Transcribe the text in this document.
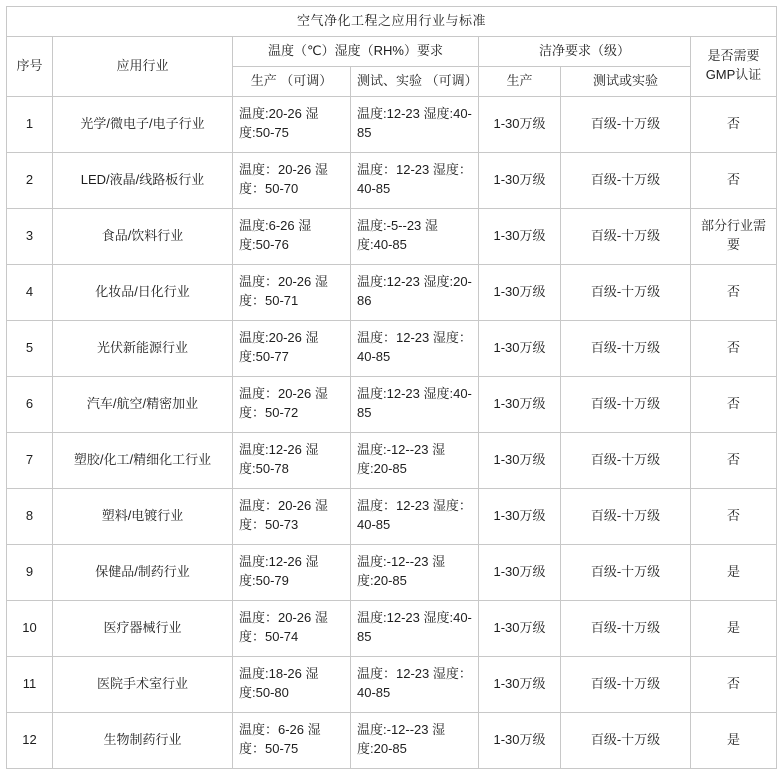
空气净化工程之应用行业与标准						
序号	应用行业	温度（℃）湿度（RH%）要求		洁净要求（级）		是否需要GMP认证
		生产 （可调）	测试、实验 （可调）	生产	测试或实验	
1	光学/微电子/电子行业	温度:20-26 湿度:50-75	温度:12-23 湿度:40-85	1-30万级	百级-十万级	否
2	LED/液晶/线路板行业	温度：20-26 湿度：50-70	温度：12-23 湿度：40-85	1-30万级	百级-十万级	否
3	食品/饮料行业	温度:6-26 湿度:50-76	温度:-5--23 湿度:40-85	1-30万级	百级-十万级	部分行业需要
4	化妆品/日化行业	温度：20-26 湿度：50-71	温度:12-23 湿度:20-86	1-30万级	百级-十万级	否
5	光伏新能源行业	温度:20-26 湿度:50-77	温度：12-23 湿度：40-85	1-30万级	百级-十万级	否
6	汽车/航空/精密加业	温度：20-26 湿度：50-72	温度:12-23 湿度:40-85	1-30万级	百级-十万级	否
7	塑胶/化工/精细化工行业	温度:12-26 湿度:50-78	温度:-12--23 湿度:20-85	1-30万级	百级-十万级	否
8	塑料/电镀行业	温度：20-26 湿度：50-73	温度：12-23 湿度：40-85	1-30万级	百级-十万级	否
9	保健品/制药行业	温度:12-26 湿度:50-79	温度:-12--23 湿度:20-85	1-30万级	百级-十万级	是
10	医疗器械行业	温度：20-26 湿度：50-74	温度:12-23 湿度:40-85	1-30万级	百级-十万级	是
11	医院手术室行业	温度:18-26 湿度:50-80	温度：12-23 湿度：40-85	1-30万级	百级-十万级	否
12	生物制药行业	温度：6-26 湿度：50-75	温度:-12--23 湿度:20-85	1-30万级	百级-十万级	是
